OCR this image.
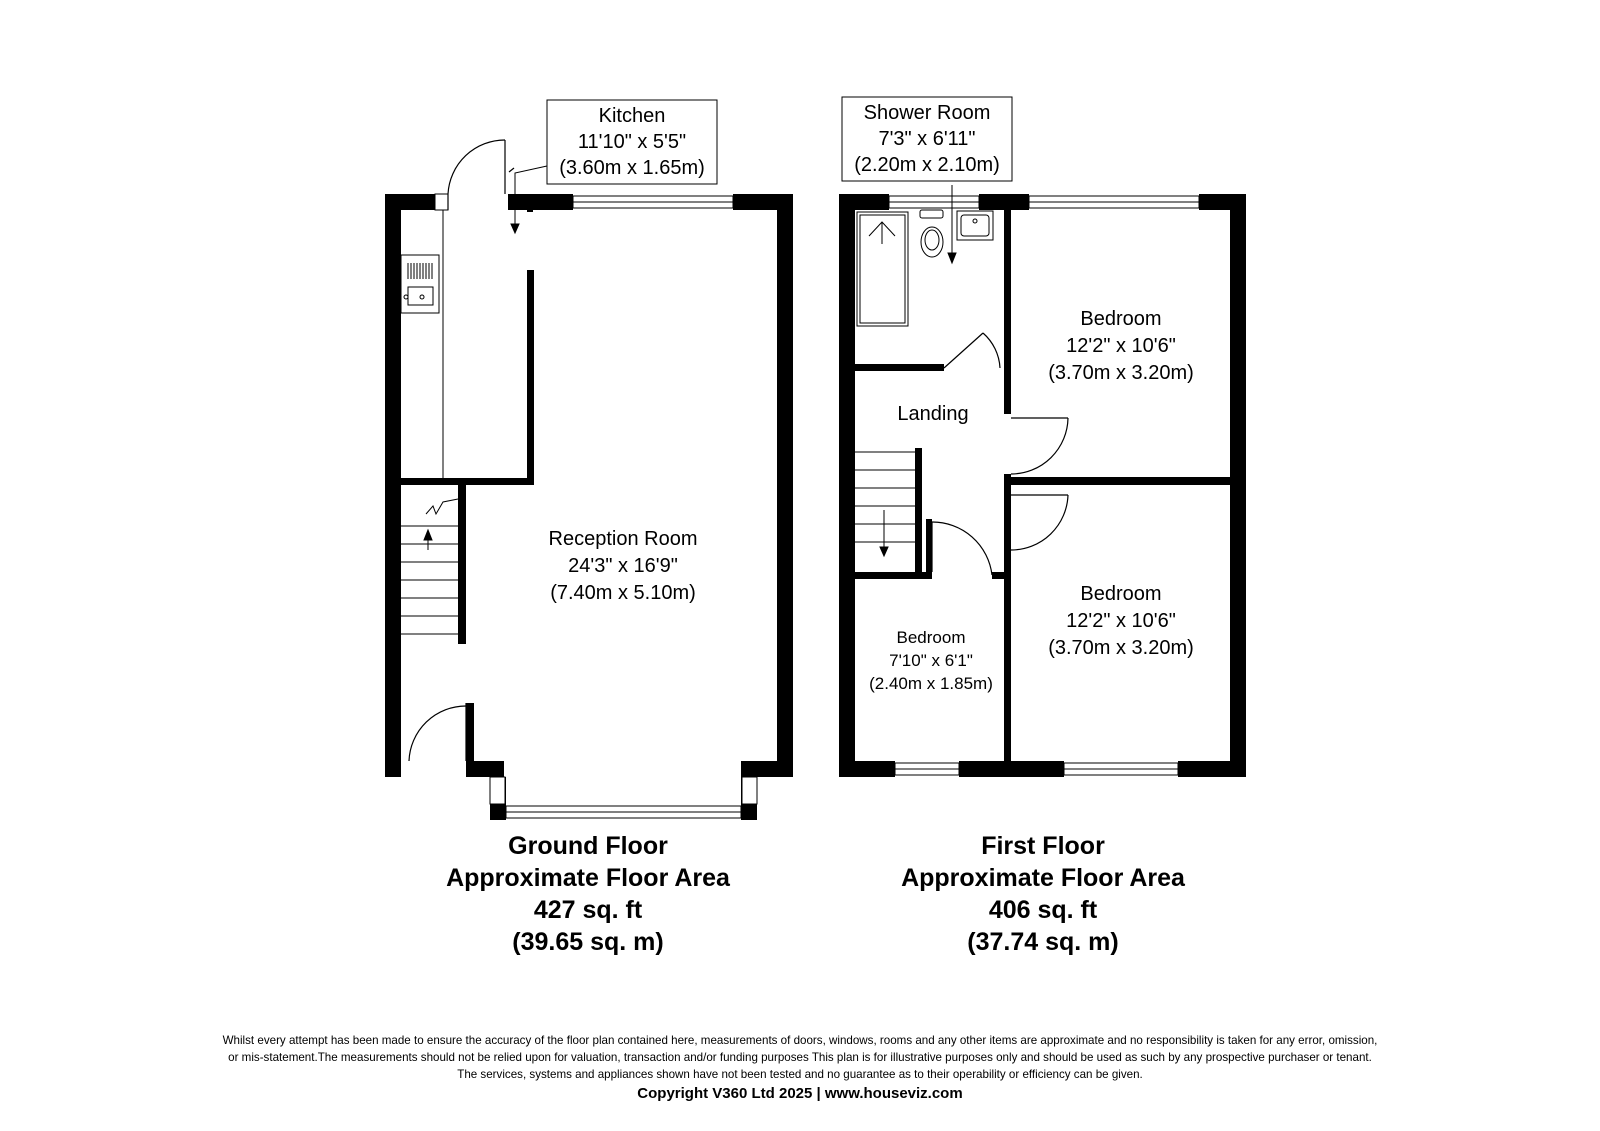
Kitchen
11'10" x 5'5"
(3.60m x 1.65m)
Reception Room
24'3" x 16'9"
(7.40m x 5.10m)
Shower Room
7'3" x 6'11"
(2.20m x 2.10m)
Landing
Bedroom
12'2" x 10'6"
(3.70m x 3.20m)
Bedroom
12'2" x 10'6"
(3.70m x 3.20m)
Bedroom
7'10" x 6'1"
(2.40m x 1.85m)
Ground Floor
Approximate Floor Area
427 sq. ft
(39.65 sq. m)
First Floor
Approximate Floor Area
406 sq. ft
(37.74 sq. m)
Whilst every attempt has been made to ensure the accuracy of the floor plan contained here, measurements of doors, windows, rooms and any other items are approximate and no responsibility is taken for any error, omission,
or mis-statement.The measurements should not be relied upon for valuation, transaction and/or funding purposes This plan is for illustrative purposes only and should be used as such by any prospective purchaser or tenant.
The services, systems and appliances shown have not been tested and no guarantee as to their operability or efficiency can be given.
Copyright V360 Ltd 2025 | www.houseviz.com
